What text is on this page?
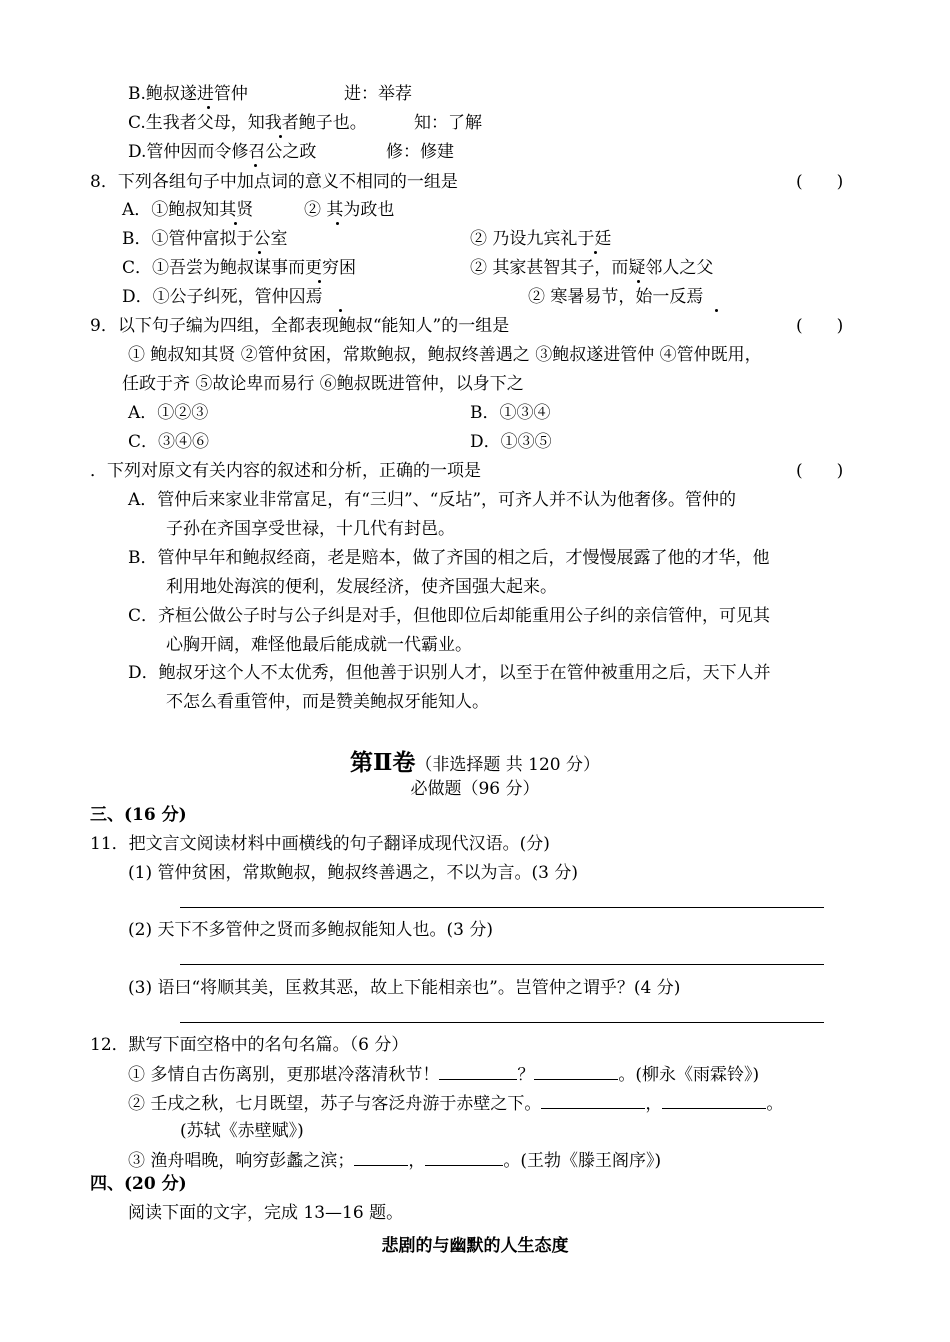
B.鲍叔遂进管仲	进：举荐
C.生我者父母，知我者鲍子也。	知：了解
D.管仲因而令修召公之政	修：修建
8．下列各组句子中加点词的意义不相同的一组是	(　　)
A．①鲍叔知其贤	② 其为政也
B．①管仲富拟于公室	② 乃设九宾礼于廷
C．①吾尝为鲍叔谋事而更穷困	② 其家甚智其子，而疑邻人之父
D．①公子纠死，管仲囚焉	② 寒暑易节，始一反焉
9．以下句子编为四组，全都表现鲍叔“能知人”的一组是	(　　)
① 鲍叔知其贤 ②管仲贫困，常欺鲍叔，鲍叔终善遇之 ③鲍叔遂进管仲 ④管仲既用，
任政于齐 ⑤故论卑而易行 ⑥鲍叔既进管仲，以身下之
A．①②③	B．①③④
C．③④⑥	D．①③⑤
．下列对原文有关内容的叙述和分析，正确的一项是	(　　)
A．管仲后来家业非常富足，有“三归”、“反坫”，可齐人并不认为他奢侈。管仲的
子孙在齐国享受世禄，十几代有封邑。
B．管仲早年和鲍叔经商，老是赔本，做了齐国的相之后，才慢慢展露了他的才华，他
利用地处海滨的便利，发展经济，使齐国强大起来。
C．齐桓公做公子时与公子纠是对手，但他即位后却能重用公子纠的亲信管仲，可见其
心胸开阔，难怪他最后能成就一代霸业。
D．鲍叔牙这个人不太优秀，但他善于识别人才，以至于在管仲被重用之后，天下人并
不怎么看重管仲，而是赞美鲍叔牙能知人。
第Ⅱ卷（非选择题 共 120 分）
必做题（96 分）
三、(16 分)
11．把文言文阅读材料中画横线的句子翻译成现代汉语。(分)
(1) 管仲贫困，常欺鲍叔，鲍叔终善遇之，不以为言。(3 分)
(2) 天下不多管仲之贤而多鲍叔能知人也。(3 分)
(3) 语曰“将顺其美，匡救其恶，故上下能相亲也”。岂管仲之谓乎？(4 分)
12．默写下面空格中的名句名篇。（6 分）
① 多情自古伤离别，更那堪冷落清秋节！	？	。(柳永《雨霖铃》)
② 壬戌之秋，七月既望，苏子与客泛舟游于赤壁之下。	，	。
(苏轼《赤壁赋》)
③ 渔舟唱晚，响穷彭蠡之滨；	，	。(王勃《滕王阁序》)
四、(20 分)
阅读下面的文字，完成 13—16 题。
悲剧的与幽默的人生态度
